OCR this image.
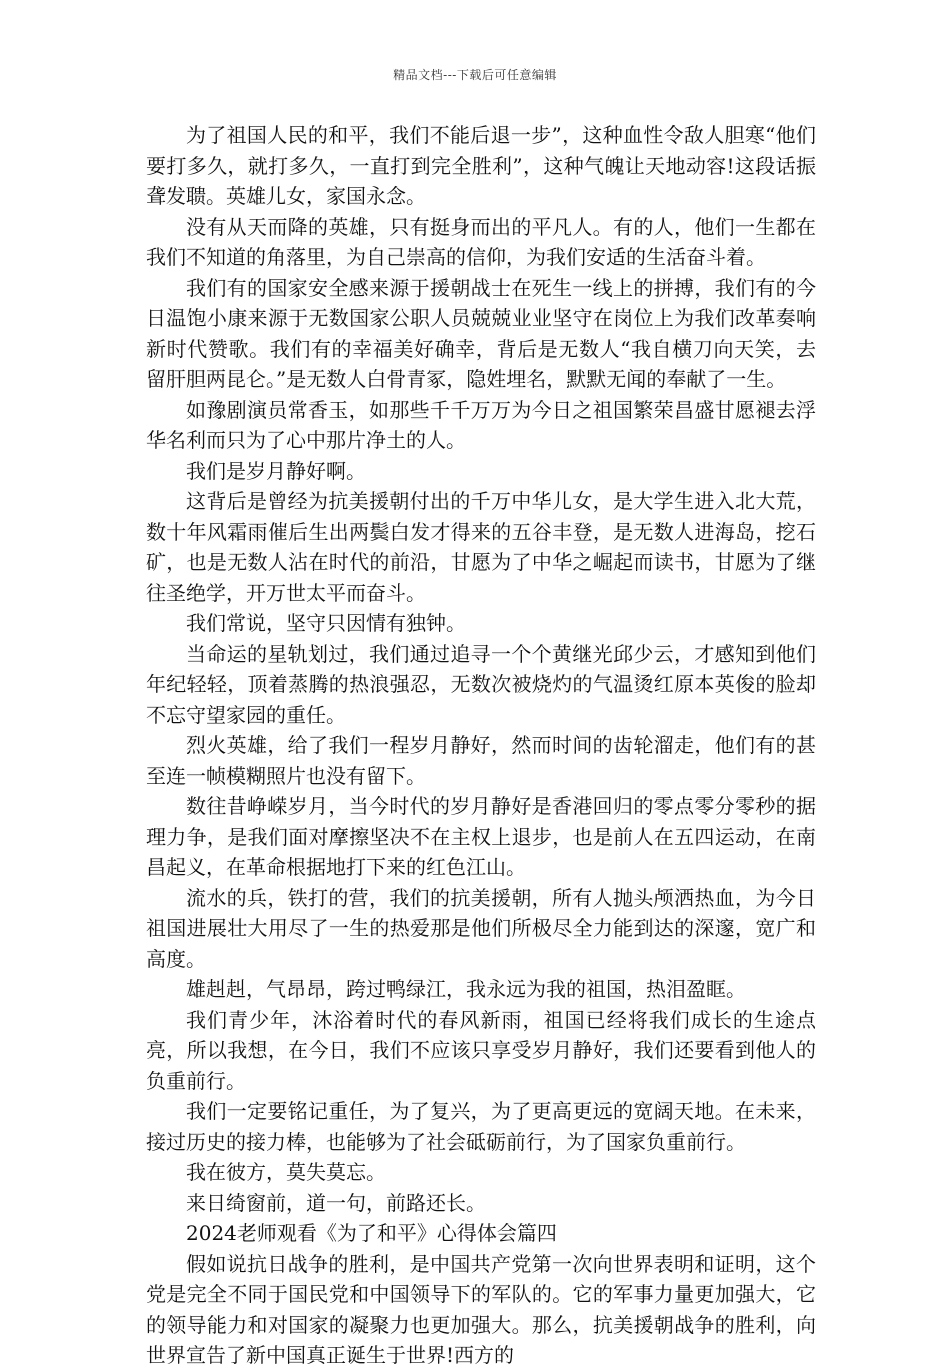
精品文档---下载后可任意编辑

为了祖国人民的和平，我们不能后退一步”，这种血性令敌人胆寒“他们要打多久，就打多久，一直打到完全胜利”，这种气魄让天地动容!这段话振聋发聩。英雄儿女，家国永念。

没有从天而降的英雄，只有挺身而出的平凡人。有的人，他们一生都在我们不知道的角落里，为自己崇高的信仰，为我们安适的生活奋斗着。

我们有的国家安全感来源于援朝战士在死生一线上的拼搏，我们有的今日温饱小康来源于无数国家公职人员兢兢业业坚守在岗位上为我们改革奏响新时代赞歌。我们有的幸福美好确幸，背后是无数人“我自横刀向天笑，去留肝胆两昆仑。”是无数人白骨青冢，隐姓埋名，默默无闻的奉献了一生。

如豫剧演员常香玉，如那些千千万万为今日之祖国繁荣昌盛甘愿褪去浮华名利而只为了心中那片净土的人。

我们是岁月静好啊。

这背后是曾经为抗美援朝付出的千万中华儿女，是大学生进入北大荒，数十年风霜雨催后生出两鬓白发才得来的五谷丰登，是无数人进海岛，挖石矿，也是无数人沾在时代的前沿，甘愿为了中华之崛起而读书，甘愿为了继往圣绝学，开万世太平而奋斗。

我们常说，坚守只因情有独钟。

当命运的星轨划过，我们通过追寻一个个黄继光邱少云，才感知到他们年纪轻轻，顶着蒸腾的热浪强忍，无数次被烧灼的气温烫红原本英俊的脸却不忘守望家园的重任。

烈火英雄，给了我们一程岁月静好，然而时间的齿轮溜走，他们有的甚至连一帧模糊照片也没有留下。

数往昔峥嵘岁月，当今时代的岁月静好是香港回归的零点零分零秒的据理力争，是我们面对摩擦坚决不在主权上退步，也是前人在五四运动，在南昌起义，在革命根据地打下来的红色江山。

流水的兵，铁打的营，我们的抗美援朝，所有人抛头颅洒热血，为今日祖国进展壮大用尽了一生的热爱那是他们所极尽全力能到达的深邃，宽广和高度。

雄赳赳，气昂昂，跨过鸭绿江，我永远为我的祖国，热泪盈眶。

我们青少年，沐浴着时代的春风新雨，祖国已经将我们成长的生途点亮，所以我想，在今日，我们不应该只享受岁月静好，我们还要看到他人的负重前行。

我们一定要铭记重任，为了复兴，为了更高更远的宽阔天地。在未来，接过历史的接力棒，也能够为了社会砥砺前行，为了国家负重前行。

我在彼方，莫失莫忘。

来日绮窗前，道一句，前路还长。

2024老师观看《为了和平》心得体会篇四

假如说抗日战争的胜利，是中国共产党第一次向世界表明和证明，这个党是完全不同于国民党和中国领导下的军队的。它的军事力量更加强大，它的领导能力和对国家的凝聚力也更加强大。那么，抗美援朝战争的胜利，向世界宣告了新中国真正诞生于世界!西方的
